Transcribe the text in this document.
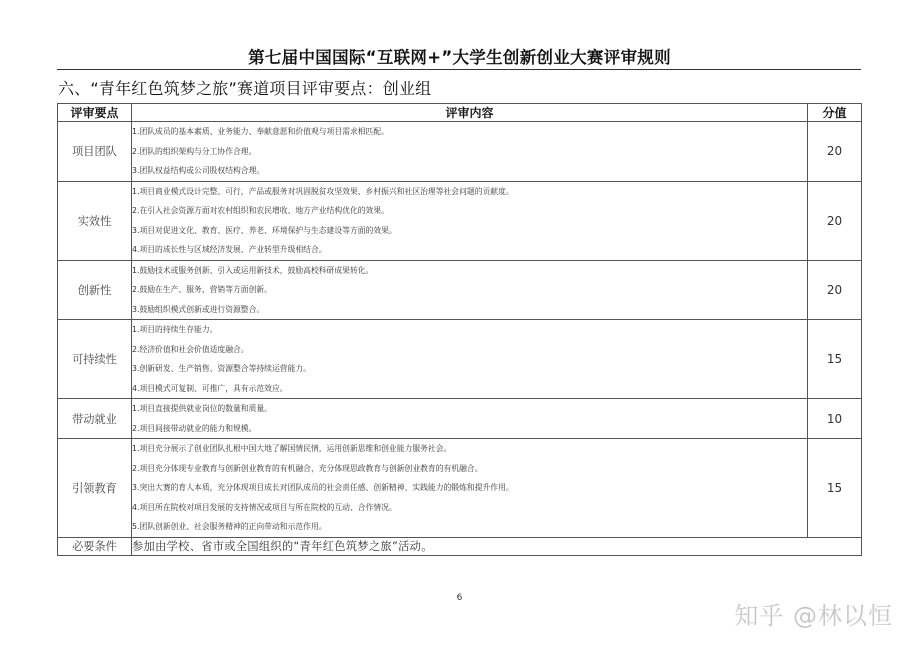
第七届中国国际“互联网+”大学生创新创业大赛评审规则
六、“青年红色筑梦之旅”赛道项目评审要点：创业组
评审要点	评审内容	分值
项目团队	1.团队成员的基本素质、业务能力、奉献意愿和价值观与项目需求相匹配。
2.团队的组织架构与分工协作合理。
3.团队权益结构或公司股权结构合理。	20
实效性	1.项目商业模式设计完整、可行，产品或服务对巩固脱贫攻坚效果、乡村振兴和社区治理等社会问题的贡献度。
2.在引入社会资源方面对农村组织和农民增收、地方产业结构优化的效果。
3.项目对促进文化、教育、医疗、养老、环境保护与生态建设等方面的效果。
4.项目的成长性与区域经济发展、产业转型升级相结合。	20
创新性	1.鼓励技术或服务创新、引入或运用新技术，鼓励高校科研成果转化。
2.鼓励在生产、服务、营销等方面创新。
3.鼓励组织模式创新或进行资源整合。	20
可持续性	1.项目的持续生存能力。
2.经济价值和社会价值适度融合。
3.创新研发、生产销售、资源整合等持续运营能力。
4.项目模式可复制、可推广，具有示范效应。	15
带动就业	1.项目直接提供就业岗位的数量和质量。
2.项目间接带动就业的能力和规模。	10
引领教育	1.项目充分展示了创业团队扎根中国大地了解国情民情，运用创新思维和创业能力服务社会。
2.项目充分体现专业教育与创新创业教育的有机融合，充分体现思政教育与创新创业教育的有机融合。
3.突出大赛的育人本质，充分体现项目成长对团队成员的社会责任感、创新精神、实践能力的锻炼和提升作用。
4.项目所在院校对项目发展的支持情况或项目与所在院校的互动、合作情况。
5.团队创新创业、社会服务精神的正向带动和示范作用。	15
必要条件	参加由学校、省市或全国组织的“青年红色筑梦之旅”活动。	
6
知乎 @林以恒
